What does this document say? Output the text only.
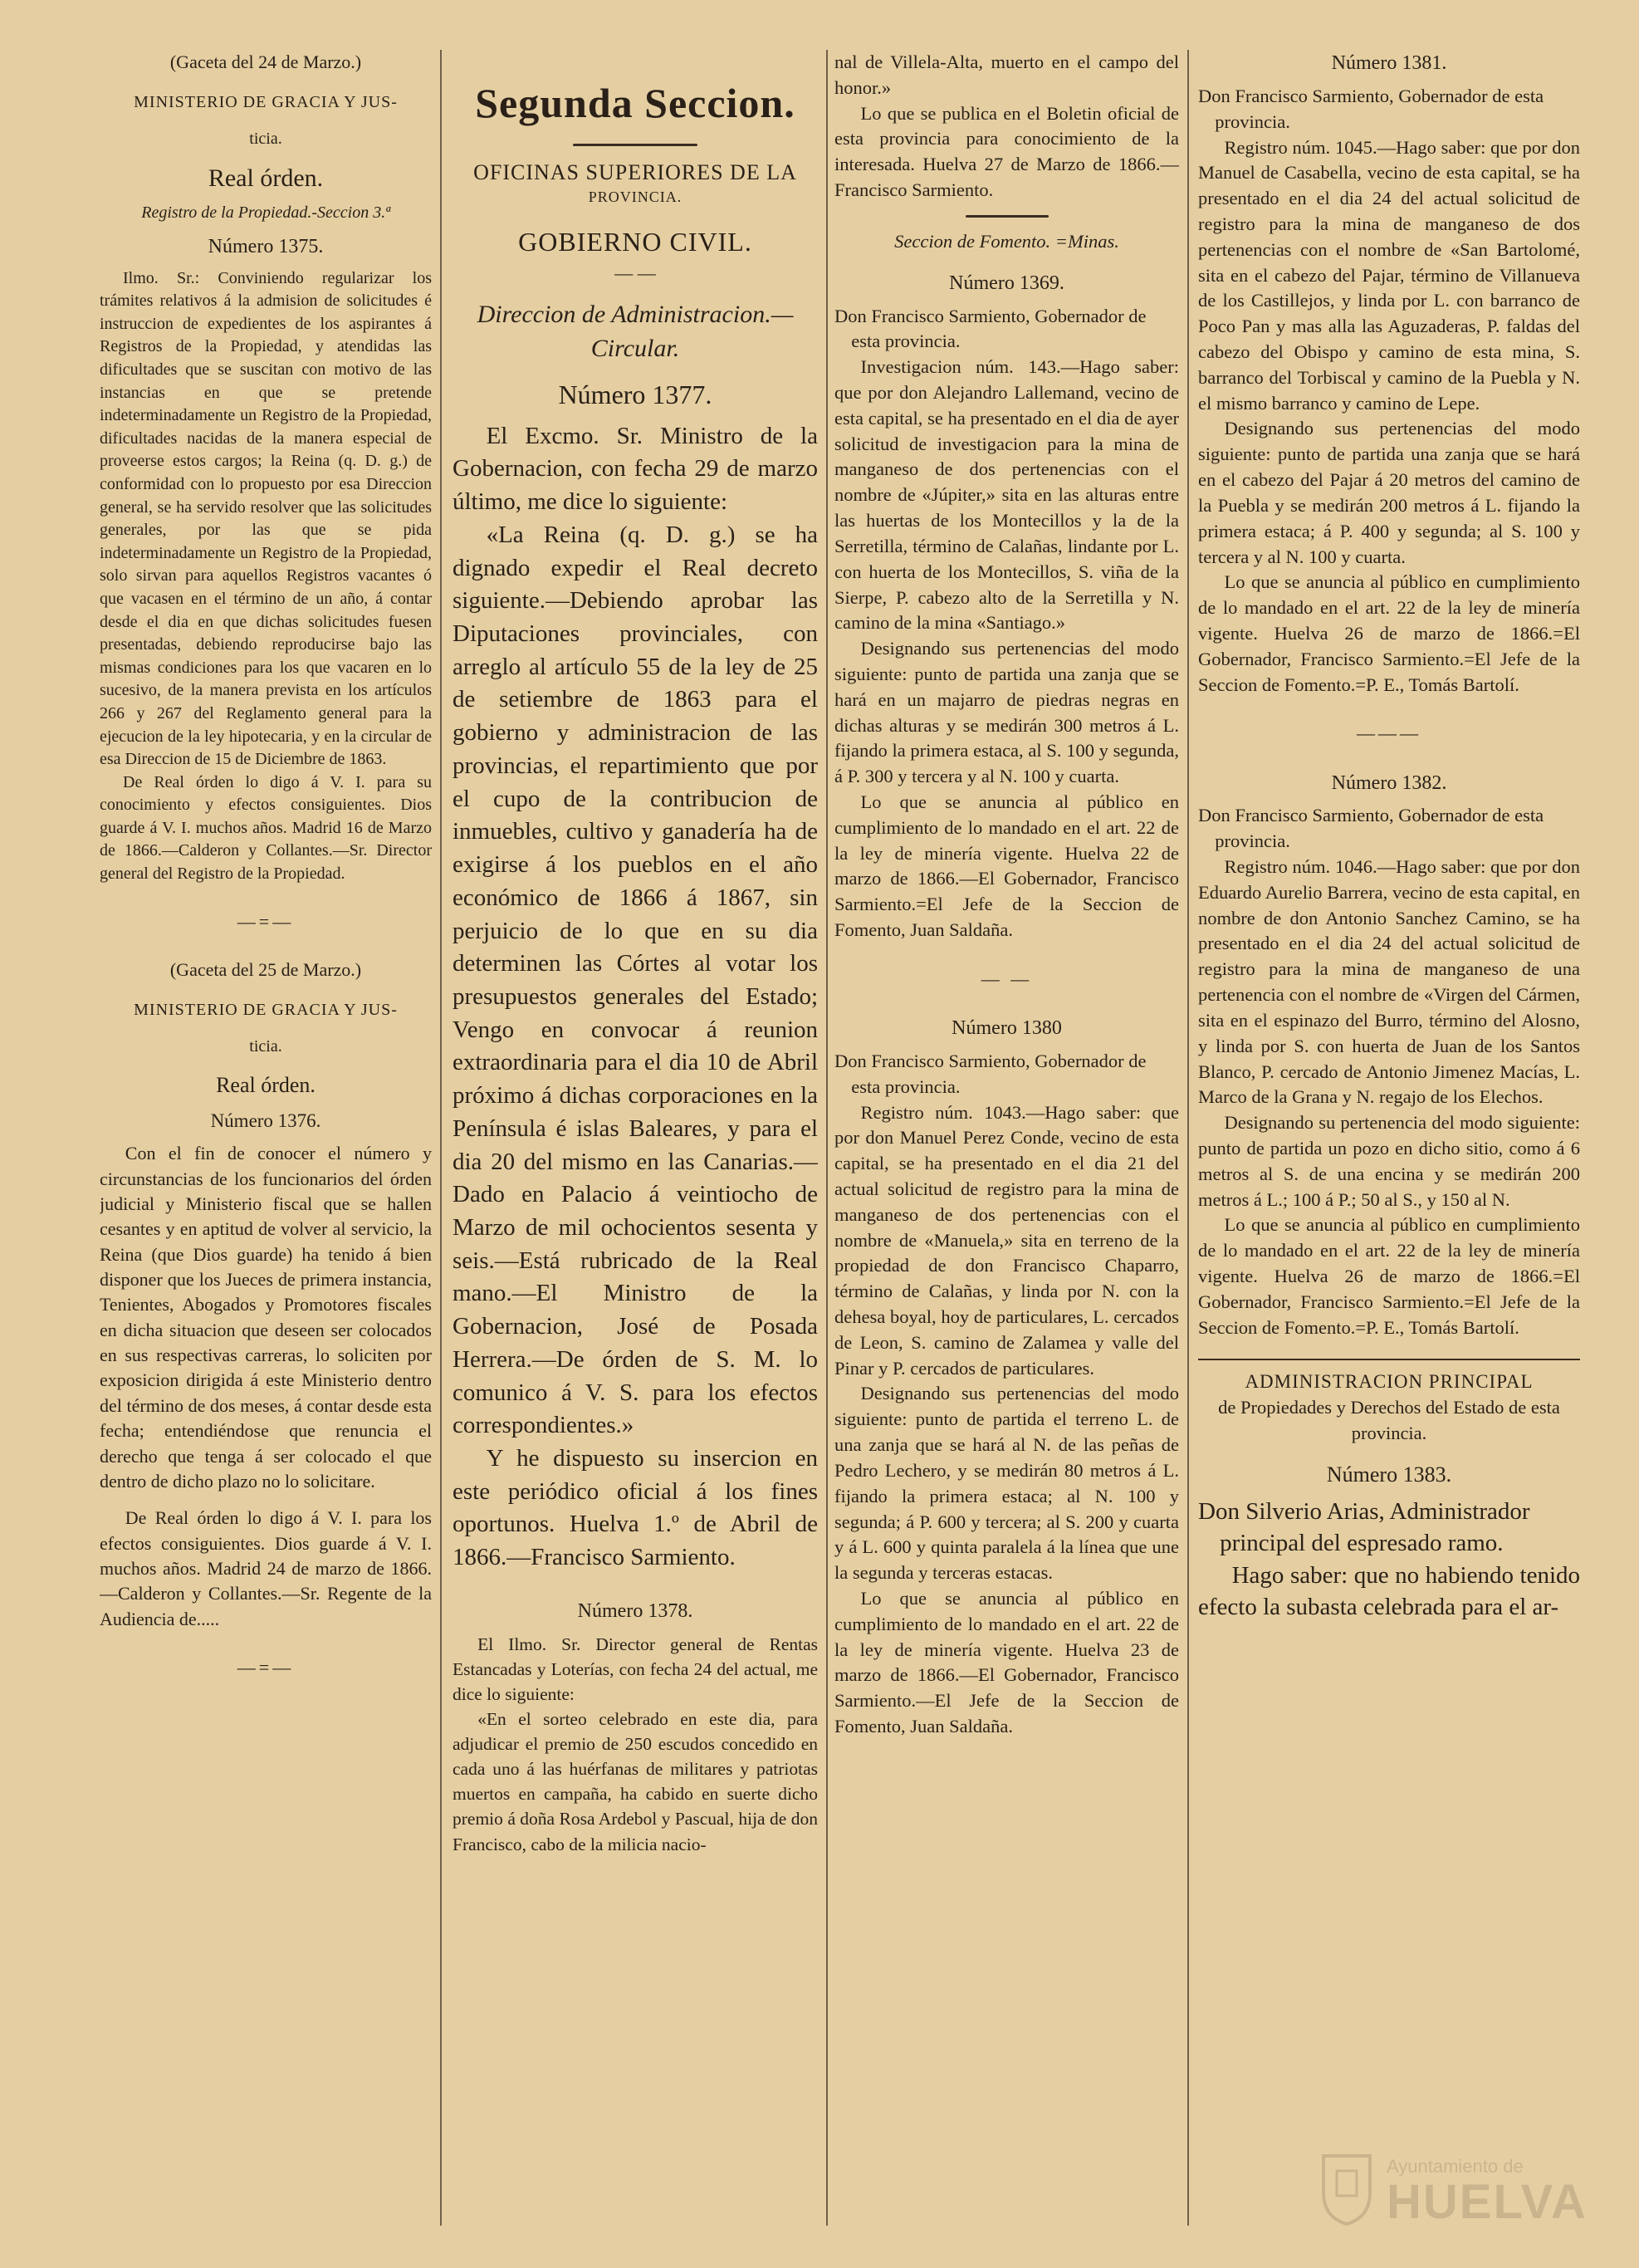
(Gaceta del 24 de Marzo.)
MINISTERIO DE GRACIA Y JUS-
ticia.
Real órden.
Registro de la Propiedad.-Seccion 3.ª
Número 1375.

Ilmo. Sr.: Conviniendo regularizar los trámites relativos á la admision de solicitudes é instruccion de expedientes de los aspirantes á Registros de la Propiedad, y atendidas las dificultades que se suscitan con motivo de las instancias en que se pretende indeterminadamente un Registro de la Propiedad, dificultades nacidas de la manera especial de proveerse estos cargos; la Reina (q. D. g.) de conformidad con lo propuesto por esa Direccion general, se ha servido resolver que las solicitudes generales, por las que se pida indeterminadamente un Registro de la Propiedad, solo sirvan para aquellos Registros vacantes ó que vacasen en el término de un año, á contar desde el dia en que dichas solicitudes fuesen presentadas, debiendo reproducirse bajo las mismas condiciones para los que vacaren en lo sucesivo, de la manera prevista en los artículos 266 y 267 del Reglamento general para la ejecucion de la ley hipotecaria, y en la circular de esa Direccion de 15 de Diciembre de 1863.

De Real órden lo digo á V. I. para su conocimiento y efectos consiguientes. Dios guarde á V. I. muchos años. Madrid 16 de Marzo de 1866.—Calderon y Collantes.—Sr. Director general del Registro de la Propiedad.

—=—
(Gaceta del 25 de Marzo.)
MINISTERIO DE GRACIA Y JUS-
ticia.
Real órden.
Número 1376.

Con el fin de conocer el número y circunstancias de los funcionarios del órden judicial y Ministerio fiscal que se hallen cesantes y en aptitud de volver al servicio, la Reina (que Dios guarde) ha tenido á bien disponer que los Jueces de primera instancia, Tenientes, Abogados y Promotores fiscales en dicha situacion que deseen ser colocados en sus respectivas carreras, lo soliciten por exposicion dirigida á este Ministerio dentro del término de dos meses, á contar desde esta fecha; entendiéndose que renuncia el derecho que tenga á ser colocado el que dentro de dicho plazo no lo solicitare.

De Real órden lo digo á V. I. para los efectos consiguientes. Dios guarde á V. I. muchos años. Madrid 24 de marzo de 1866.—Calderon y Collantes.—Sr. Regente de la Audiencia de.....

—=—
Segunda Seccion.
OFICINAS SUPERIORES DE LA
PROVINCIA.
GOBIERNO CIVIL.
— —
Direccion de Administracion.—Circular.
Número 1377.

El Excmo. Sr. Ministro de la Gobernacion, con fecha 29 de marzo último, me dice lo siguiente:

«La Reina (q. D. g.) se ha dignado expedir el Real decreto siguiente.—Debiendo aprobar las Diputaciones provinciales, con arreglo al artículo 55 de la ley de 25 de setiembre de 1863 para el gobierno y administracion de las provincias, el repartimiento que por el cupo de la contribucion de inmuebles, cultivo y ganadería ha de exigirse á los pueblos en el año económico de 1866 á 1867, sin perjuicio de lo que en su dia determinen las Córtes al votar los presupuestos generales del Estado; Vengo en convocar á reunion extraordinaria para el dia 10 de Abril próximo á dichas corporaciones en la Península é islas Baleares, y para el dia 20 del mismo en las Canarias.—Dado en Palacio á veintiocho de Marzo de mil ochocientos sesenta y seis.—Está rubricado de la Real mano.—El Ministro de la Gobernacion, José de Posada Herrera.—De órden de S. M. lo comunico á V. S. para los efectos correspondientes.»

Y he dispuesto su insercion en este periódico oficial á los fines oportunos. Huelva 1.º de Abril de 1866.—Francisco Sarmiento.

Número 1378.

El Ilmo. Sr. Director general de Rentas Estancadas y Loterías, con fecha 24 del actual, me dice lo siguiente:

«En el sorteo celebrado en este dia, para adjudicar el premio de 250 escudos concedido en cada uno á las huérfanas de militares y patriotas muertos en campaña, ha cabido en suerte dicho premio á doña Rosa Ardebol y Pascual, hija de don Francisco, cabo de la milicia nacio-

nal de Villela-Alta, muerto en el campo del honor.»

Lo que se publica en el Boletin oficial de esta provincia para conocimiento de la interesada. Huelva 27 de Marzo de 1866.—Francisco Sarmiento.

Seccion de Fomento. =Minas.
Número 1369.

Don Francisco Sarmiento, Gobernador de esta provincia.

Investigacion núm. 143.—Hago saber: que por don Alejandro Lallemand, vecino de esta capital, se ha presentado en el dia de ayer solicitud de investigacion para la mina de manganeso de dos pertenencias con el nombre de «Júpiter,» sita en las alturas entre las huertas de los Montecillos y la de la Serretilla, término de Calañas, lindante por L. con huerta de los Montecillos, S. viña de la Sierpe, P. cabezo alto de la Serretilla y N. camino de la mina «Santiago.»

Designando sus pertenencias del modo siguiente: punto de partida una zanja que se hará en un majarro de piedras negras en dichas alturas y se medirán 300 metros á L. fijando la primera estaca, al S. 100 y segunda, á P. 300 y tercera y al N. 100 y cuarta.

Lo que se anuncia al público en cumplimiento de lo mandado en el art. 22 de la ley de minería vigente. Huelva 22 de marzo de 1866.—El Gobernador, Francisco Sarmiento.=El Jefe de la Seccion de Fomento, Juan Saldaña.

— —
Número 1380

Don Francisco Sarmiento, Gobernador de esta provincia.

Registro núm. 1043.—Hago saber: que por don Manuel Perez Conde, vecino de esta capital, se ha presentado en el dia 21 del actual solicitud de registro para la mina de manganeso de dos pertenencias con el nombre de «Manuela,» sita en terreno de la propiedad de don Francisco Chaparro, término de Calañas, y linda por N. con la dehesa boyal, hoy de particulares, L. cercados de Leon, S. camino de Zalamea y valle del Pinar y P. cercados de particulares.

Designando sus pertenencias del modo siguiente: punto de partida el terreno L. de una zanja que se hará al N. de las peñas de Pedro Lechero, y se medirán 80 metros á L. fijando la primera estaca; al N. 100 y segunda; á P. 600 y tercera; al S. 200 y cuarta y á L. 600 y quinta paralela á la línea que une la segunda y terceras estacas.

Lo que se anuncia al público en cumplimiento de lo mandado en el art. 22 de la ley de minería vigente. Huelva 23 de marzo de 1866.—El Gobernador, Francisco Sarmiento.—El Jefe de la Seccion de Fomento, Juan Saldaña.

Número 1381.

Don Francisco Sarmiento, Gobernador de esta provincia.

Registro núm. 1045.—Hago saber: que por don Manuel de Casabella, vecino de esta capital, se ha presentado en el dia 24 del actual solicitud de registro para la mina de manganeso de dos pertenencias con el nombre de «San Bartolomé, sita en el cabezo del Pajar, término de Villanueva de los Castillejos, y linda por L. con barranco de Poco Pan y mas alla las Aguzaderas, P. faldas del cabezo del Obispo y camino de esta mina, S. barranco del Torbiscal y camino de la Puebla y N. el mismo barranco y camino de Lepe.

Designando sus pertenencias del modo siguiente: punto de partida una zanja que se hará en el cabezo del Pajar á 20 metros del camino de la Puebla y se medirán 200 metros á L. fijando la primera estaca; á P. 400 y segunda; al S. 100 y tercera y al N. 100 y cuarta.

Lo que se anuncia al público en cumplimiento de lo mandado en el art. 22 de la ley de minería vigente. Huelva 26 de marzo de 1866.=El Gobernador, Francisco Sarmiento.=El Jefe de la Seccion de Fomento.=P. E., Tomás Bartolí.

———
Número 1382.

Don Francisco Sarmiento, Gobernador de esta provincia.

Registro núm. 1046.—Hago saber: que por don Eduardo Aurelio Barrera, vecino de esta capital, en nombre de don Antonio Sanchez Camino, se ha presentado en el dia 24 del actual solicitud de registro para la mina de manganeso de una pertenencia con el nombre de «Virgen del Cármen, sita en el espinazo del Burro, término del Alosno, y linda por S. con huerta de Juan de los Santos Blanco, P. cercado de Antonio Jimenez Macías, L. Marco de la Grana y N. regajo de los Elechos.

Designando su pertenencia del modo siguiente: punto de partida un pozo en dicho sitio, como á 6 metros al S. de una encina y se medirán 200 metros á L.; 100 á P.; 50 al S., y 150 al N.

Lo que se anuncia al público en cumplimiento de lo mandado en el art. 22 de la ley de minería vigente. Huelva 26 de marzo de 1866.=El Gobernador, Francisco Sarmiento.=El Jefe de la Seccion de Fomento.=P. E., Tomás Bartolí.

ADMINISTRACION PRINCIPAL
de Propiedades y Derechos del Estado de esta provincia.
Número 1383.

Don Silverio Arias, Administrador principal del espresado ramo.

Hago saber: que no habiendo tenido efecto la subasta celebrada para el ar-

Ayuntamiento de
HUELVA
